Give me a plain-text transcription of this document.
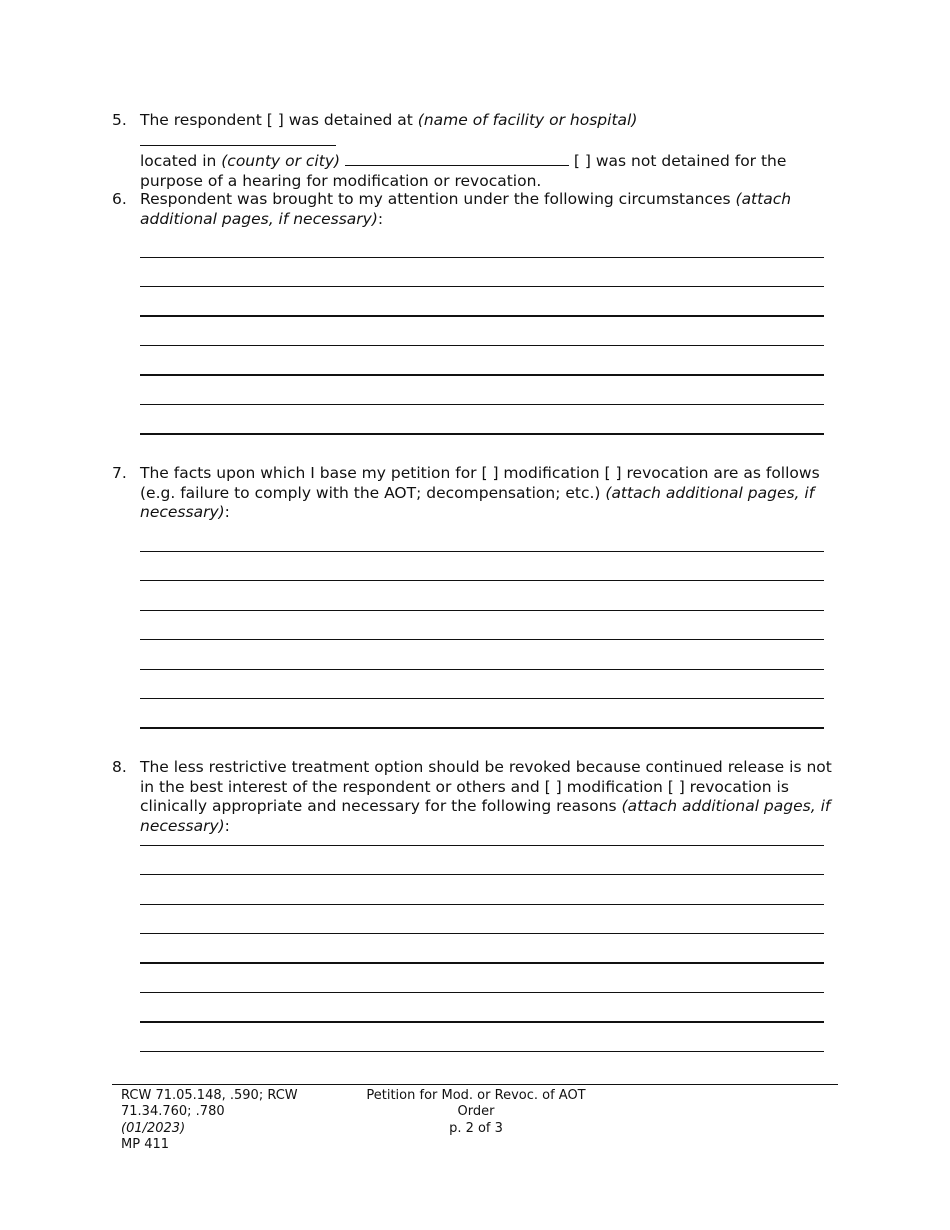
5. The respondent [ ] was detained at (name of facility or hospital)
located in (county or city)	[ ] was not detained for the purpose of a hearing for modification or revocation.
6. Respondent was brought to my attention under the following circumstances (attach additional pages, if necessary):
7. The facts upon which I base my petition for [ ] modification [ ] revocation are as follows (e.g. failure to comply with the AOT; decompensation; etc.) (attach additional pages, if necessary):
8. The less restrictive treatment option should be revoked because continued release is not in the best interest of the respondent or others and [ ] modification [ ] revocation is clinically appropriate and necessary for the following reasons (attach additional pages, if necessary):
RCW 71.05.148, .590; RCW 71.34.760; .780
(01/2023)
MP 411
Petition for Mod. or Revoc. of AOT Order
p. 2 of 3
